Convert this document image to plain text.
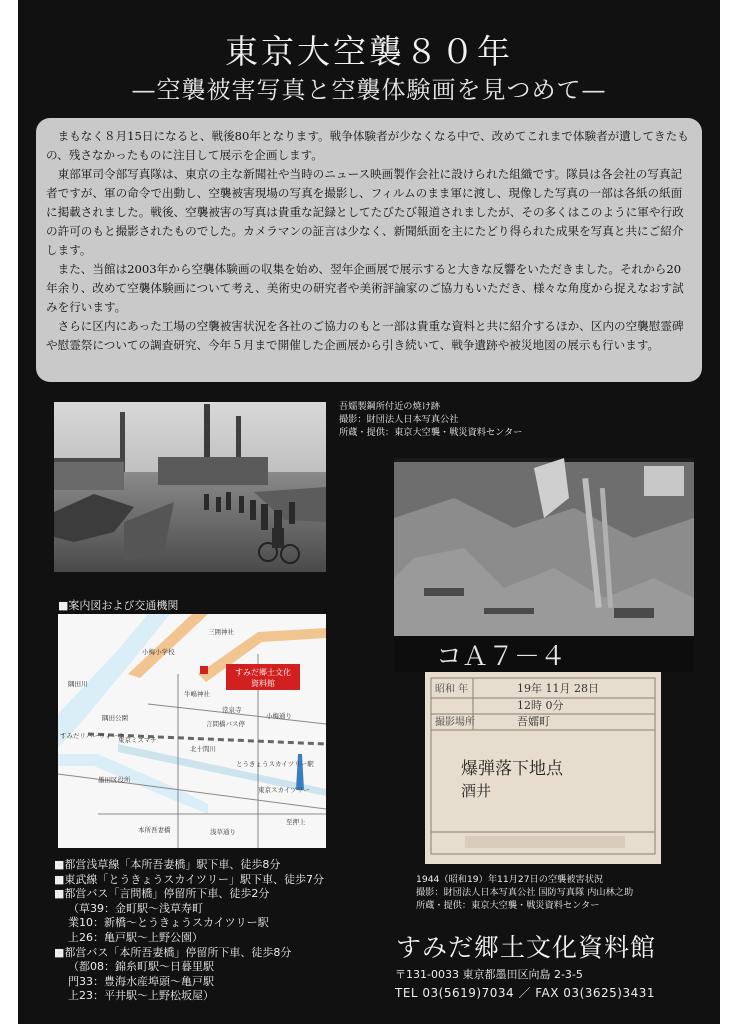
東京大空襲８０年
—空襲被害写真と空襲体験画を見つめて—

まもなく８月15日になると、戦後80年となります。戦争体験者が少なくなる中で、改めてこれまで体験者が遺してきたもの、残さなかったものに注目して展示を企画します。

東部軍司令部写真隊は、東京の主な新聞社や当時のニュース映画製作会社に設けられた組織です。隊員は各会社の写真記者ですが、軍の命令で出動し、空襲被害現場の写真を撮影し、フィルムのまま軍に渡し、現像した写真の一部は各紙の紙面に掲載されました。戦後、空襲被害の写真は貴重な記録としてたびたび報道されましたが、その多くはこのように軍や行政の許可のもと撮影されたものでした。カメラマンの証言は少なく、新聞紙面を主にたどり得られた成果を写真と共にご紹介します。

また、当館は2003年から空襲体験画の収集を始め、翌年企画展で展示すると大きな反響をいただきました。それから20年余り、改めて空襲体験画について考え、美術史の研究者や美術評論家のご協力もいただき、様々な角度から捉えなおす試みを行います。

さらに区内にあった工場の空襲被害状況を各社のご協力のもと一部は貴重な資料と共に紹介するほか、区内の空襲慰霊碑や慰霊祭についての調査研究、今年５月まで開催した企画展から引き続いて、戦争遺跡や被災地図の展示も行います。

吾嬬製鋼所付近の焼け跡
撮影：財団法人日本写真公社
所蔵・提供：東京大空襲・戦災資料センター
コＡ７－４
昭和 年	19年 11月 28日
12時 0分
撮影場所	吾嬬町
爆弾落下地点
酒井
1944（昭和19）年11月27日の空襲被害状況
撮影：財団法人日本写真公社 国防写真隊 内山林之助
所蔵・提供：東京大空襲・戦災資料センター
■案内図および交通機関
すみだ郷土文化
資料館
隅田川
隅田公園
牛嶋神社
常泉寺
言問橋バス停
とうきょうスカイツリー駅
東京スカイツリー
北十間川
本所吾妻橋
至押上
浅草通り
墨田区役所
すみだリバーウォーク
東京ミズマチ
小梅小学校
三囲神社
小梅通り
■都営浅草線「本所吾妻橋」駅下車、徒歩8分
■東武線「とうきょうスカイツリー」駅下車、徒歩7分
■都営バス「言問橋」停留所下車、徒歩2分
（草39：金町駅～浅草寿町
業10：新橋～とうきょうスカイツリー駅
上26：亀戸駅～上野公園）
■都営バス「本所吾妻橋」停留所下車、徒歩8分
（都08：錦糸町駅～日暮里駅
門33：豊海水産埠頭～亀戸駅
上23：平井駅～上野松坂屋）
すみだ郷土文化資料館
〒131-0033 東京都墨田区向島 2-3-5
TEL 03(5619)7034 ／ FAX 03(3625)3431
